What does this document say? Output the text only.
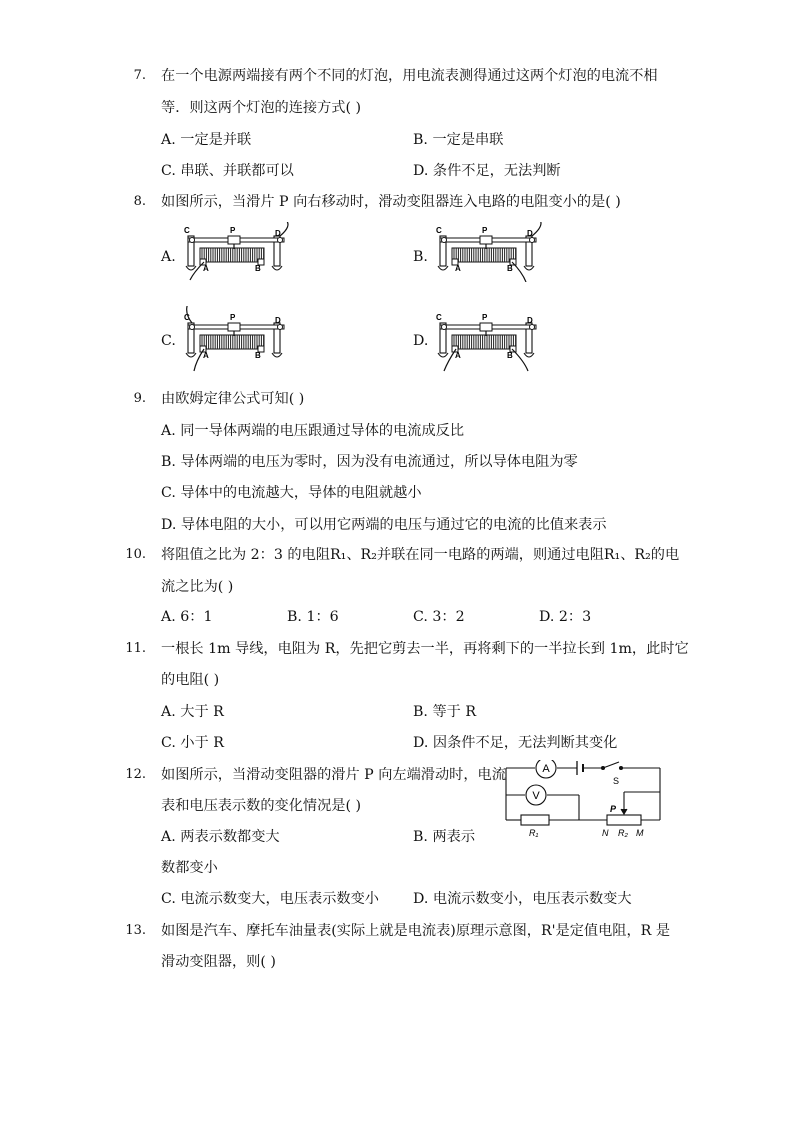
7. 在一个电源两端接有两个不同的灯泡，用电流表测得通过这两个灯泡的电流不相
等．则这两个灯泡的连接方式( )
A. 一定是并联	B. 一定是串联
C. 串联、并联都可以	D. 条件不足，无法判断
8. 如图所示，当滑片 P 向右移动时，滑动变阻器连入电路的电阻变小的是( )
A.	B.
C.	D.
C	P	D
A	B
C	P	D
A	B
C	P	D
A	B
C	P	D
A	B
9. 由欧姆定律公式可知( )
A. 同一导体两端的电压跟通过导体的电流成反比
B. 导体两端的电压为零时，因为没有电流通过，所以导体电阻为零
C. 导体中的电流越大，导体的电阻就越小
D. 导体电阻的大小，可以用它两端的电压与通过它的电流的比值来表示
10. 将阻值之比为 2：3 的电阻R₁、R₂并联在同一电路的两端，则通过电阻R₁、R₂的电
流之比为( )
A. 6：1	B. 1：6	C. 3：2	D. 2：3
11. 一根长 1m 导线，电阻为 R，先把它剪去一半，再将剩下的一半拉长到 1m，此时它
的电阻( )
A. 大于 R	B. 等于 R
C. 小于 R	D. 因条件不足，无法判断其变化
12. 如图所示，当滑动变阻器的滑片 P 向左端滑动时，电流
表和电压表示数的变化情况是( )
A. 两表示数都变大	B. 两表示
数都变小
C. 电流示数变大，电压表示数变小 D. 电流示数变小，电压表示数变大
A
V
S
P
R₁	N R₂ M
13. 如图是汽车、摩托车油量表(实际上就是电流表)原理示意图，R'是定值电阻，R 是
滑动变阻器，则( )
